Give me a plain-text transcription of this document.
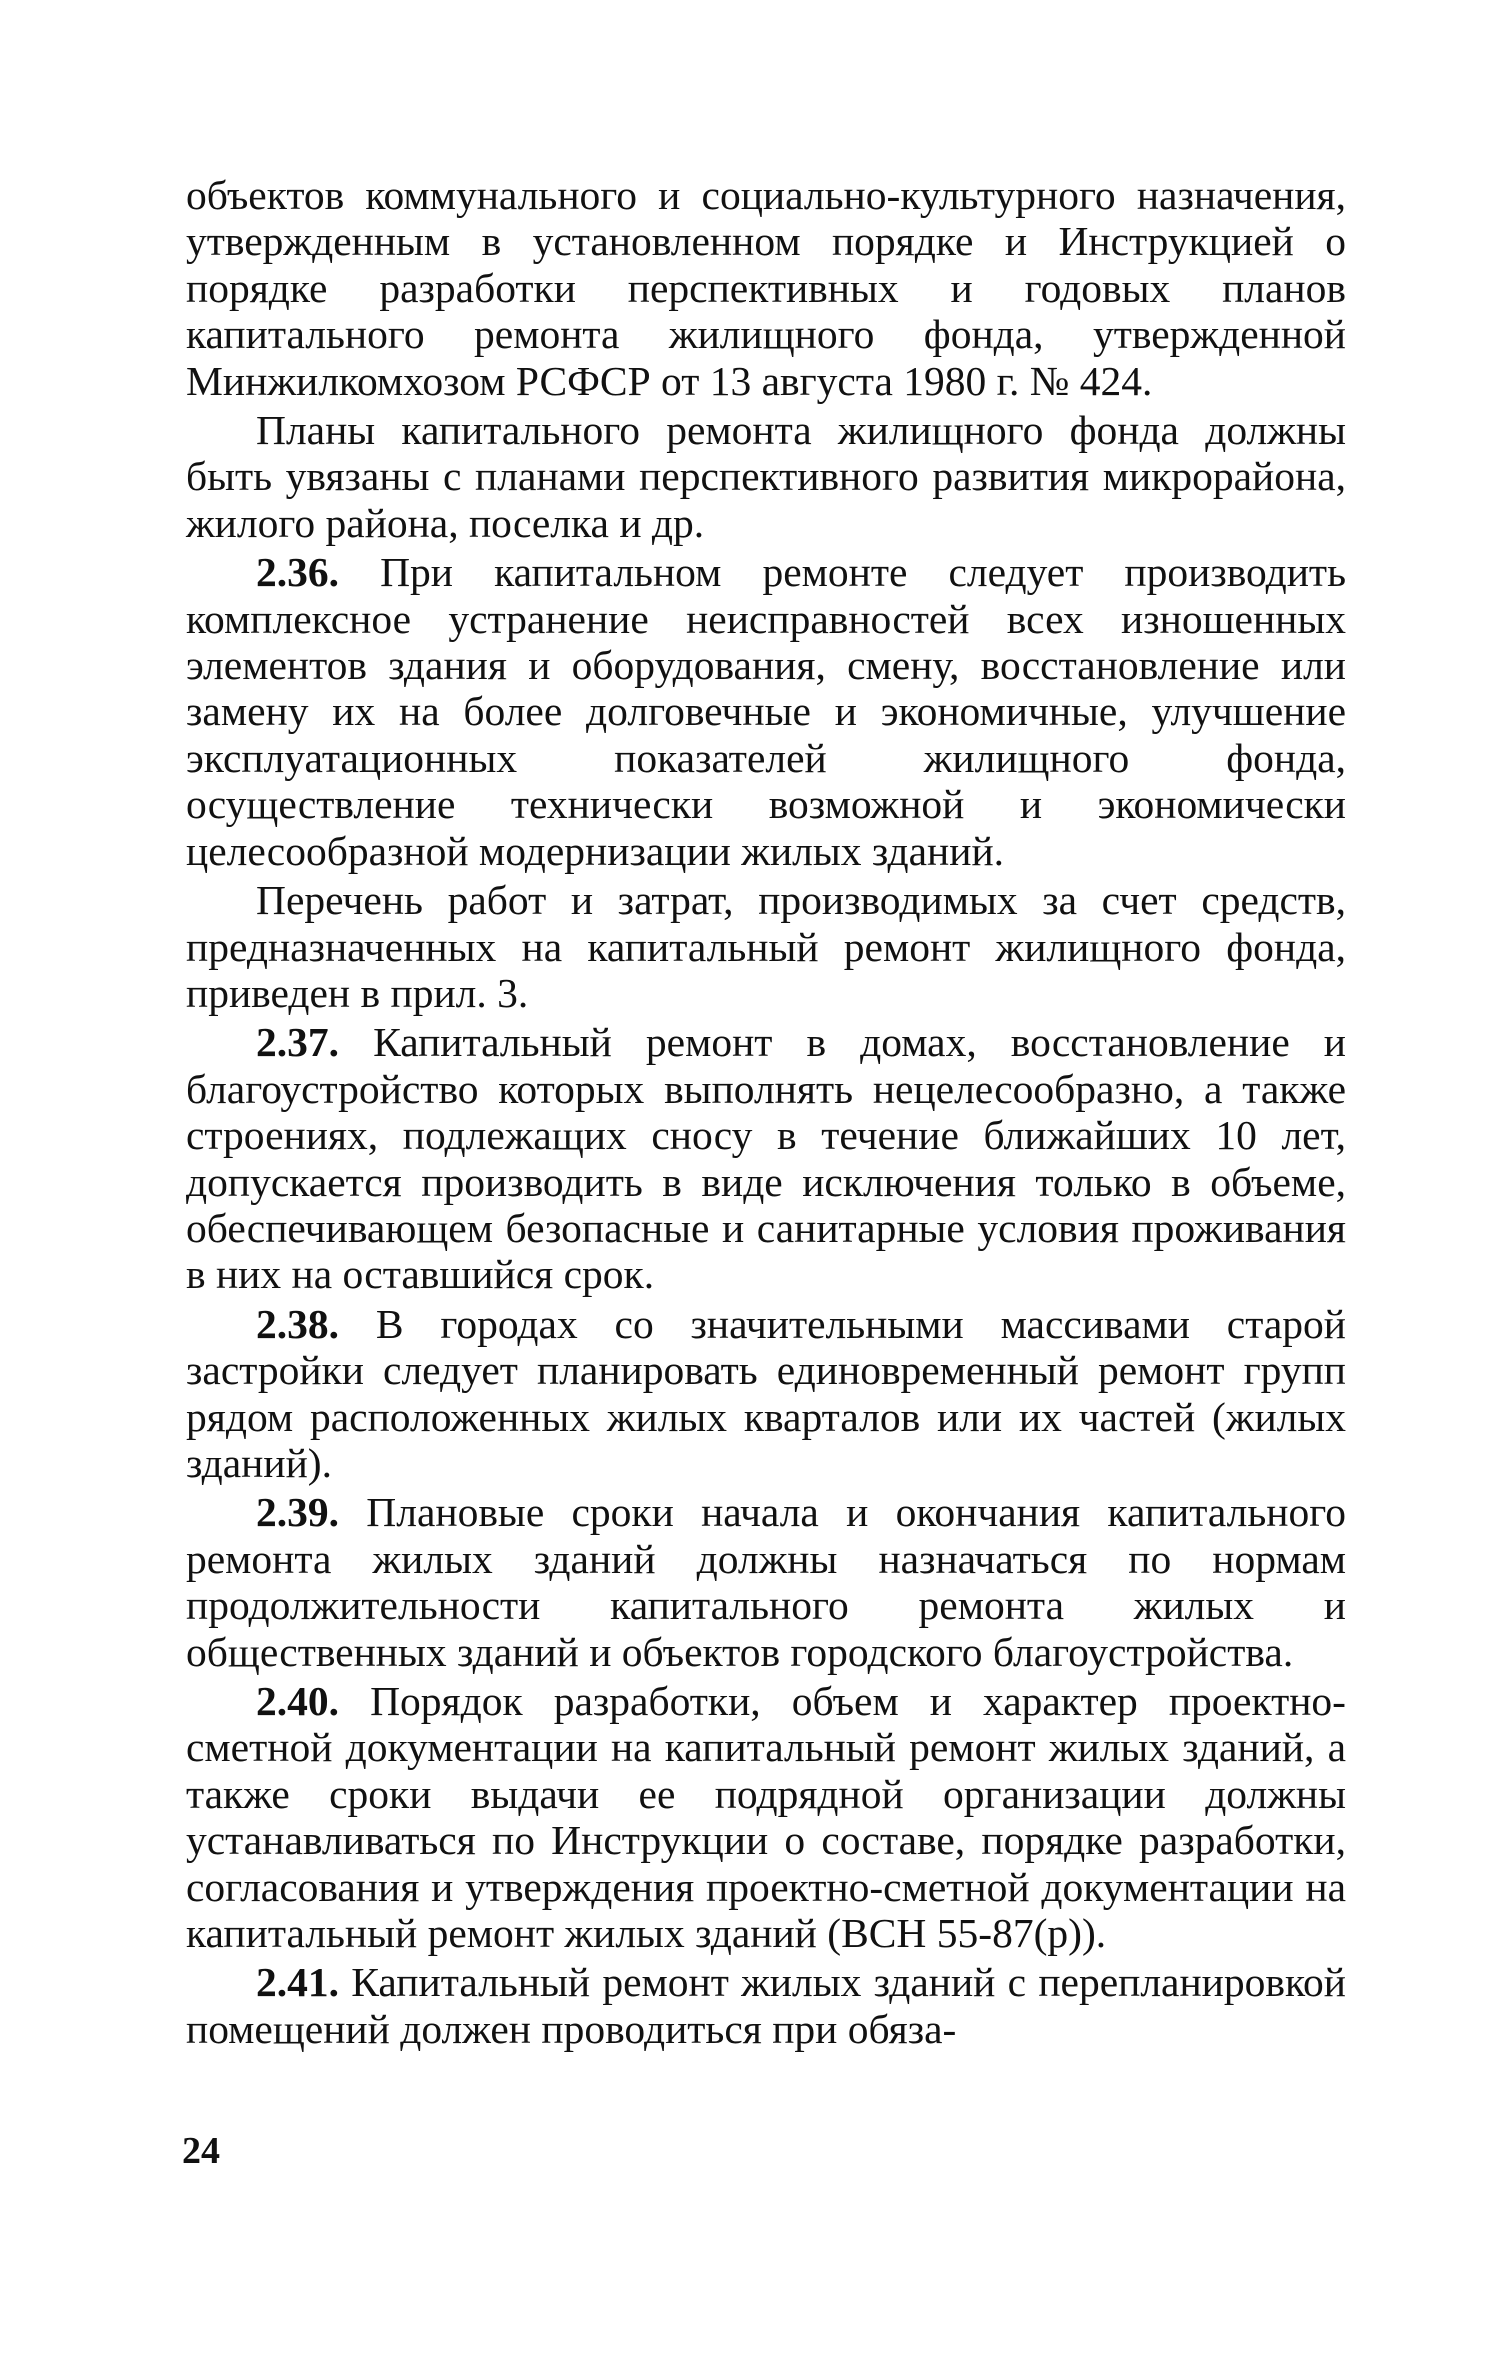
объектов коммунального и социально-культурного назначения, утвержденным в установленном порядке и Инструкцией о порядке разработки перспективных и годовых планов капитального ремонта жилищного фонда, утвержденной Минжилкомхозом РСФСР от 13 августа 1980 г. № 424.

Планы капитального ремонта жилищного фонда должны быть увязаны с планами перспективного развития микрорайона, жилого района, поселка и др.

2.36. При капитальном ремонте следует производить комплексное устранение неисправностей всех изношенных элементов здания и оборудования, смену, восстановление или замену их на более долговечные и экономичные, улучшение эксплуатационных показателей жилищного фонда, осуществление технически возможной и экономически целесообразной модернизации жилых зданий.

Перечень работ и затрат, производимых за счет средств, предназначенных на капитальный ремонт жилищного фонда, приведен в прил. 3.

2.37. Капитальный ремонт в домах, восстановление и благоустройство которых выполнять нецелесообразно, а также строениях, подлежащих сносу в течение ближайших 10 лет, допускается производить в виде исключения только в объеме, обеспечивающем безопасные и санитарные условия проживания в них на оставшийся срок.

2.38. В городах со значительными массивами старой застройки следует планировать единовременный ремонт групп рядом расположенных жилых кварталов или их частей (жилых зданий).

2.39. Плановые сроки начала и окончания капитального ремонта жилых зданий должны назначаться по нормам продолжительности капитального ремонта жилых и общественных зданий и объектов городского благоустройства.

2.40. Порядок разработки, объем и характер проектно-сметной документации на капитальный ремонт жилых зданий, а также сроки выдачи ее подрядной организации должны устанавливаться по Инструкции о составе, порядке разработки, согласования и утверждения проектно-сметной документации на капитальный ремонт жилых зданий (ВСН 55-87(р)).

2.41. Капитальный ремонт жилых зданий с перепланировкой помещений должен проводиться при обяза-

24
